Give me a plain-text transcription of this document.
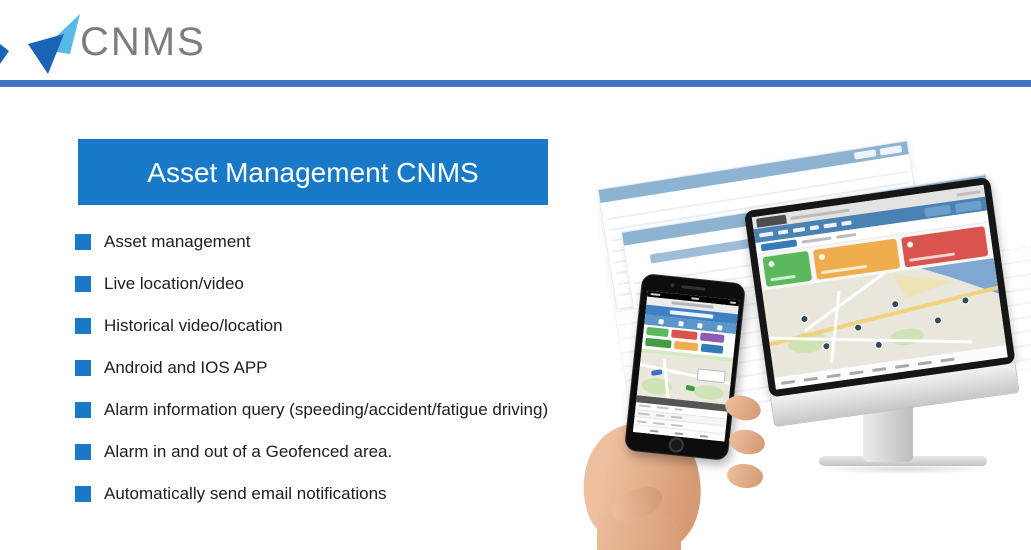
CNMS
Asset Management CNMS
Asset management
Live location/video
Historical video/location
Android and IOS APP
Alarm information query (speeding/accident/fatigue driving)
Alarm in and out of a Geofenced area.
Automatically send email notifications
